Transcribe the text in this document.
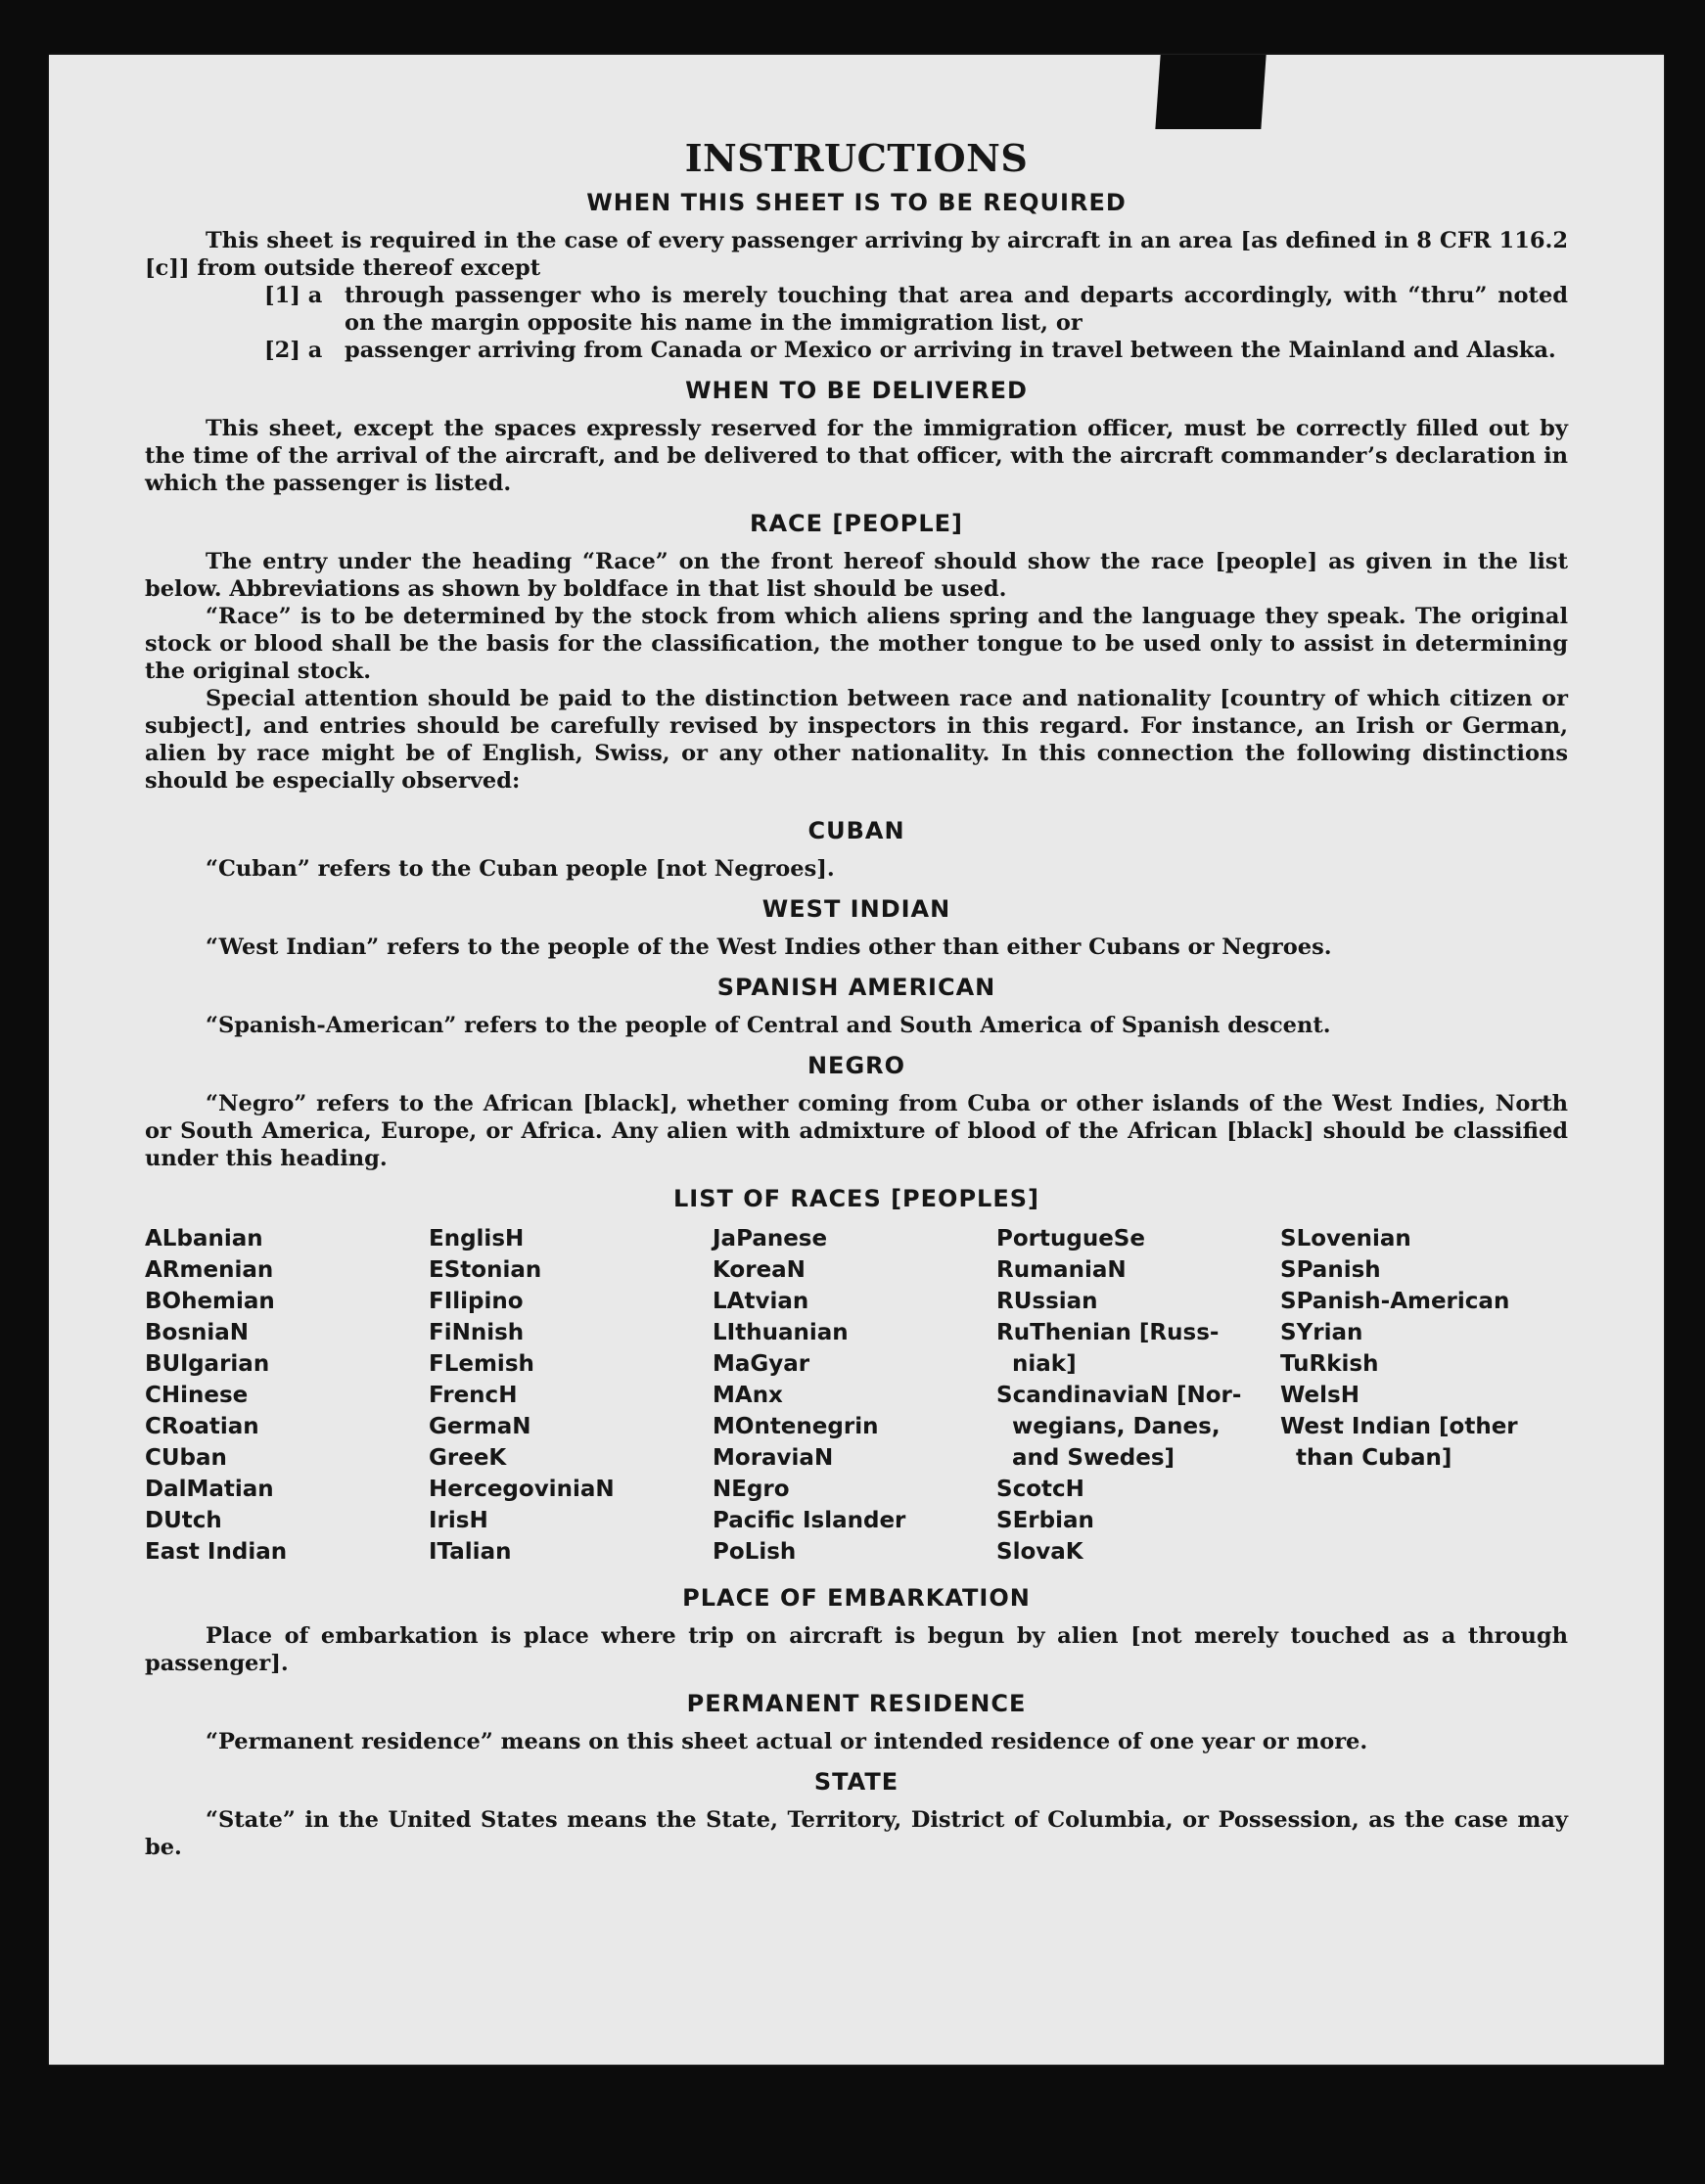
INSTRUCTIONS
WHEN THIS SHEET IS TO BE REQUIRED

This sheet is required in the case of every passenger arriving by aircraft in an area [as defined in 8 CFR 116.2 [c]] from outside thereof except

[1] a	through passenger who is merely touching that area and departs accordingly, with “thru” noted on the margin opposite his name in the immigration list, or
[2] a	passenger arriving from Canada or Mexico or arriving in travel between the Mainland and Alaska.
WHEN TO BE DELIVERED

This sheet, except the spaces expressly reserved for the immigration officer, must be correctly filled out by the time of the arrival of the aircraft, and be delivered to that officer, with the aircraft commander’s declaration in which the passenger is listed.

RACE [PEOPLE]

The entry under the heading “Race” on the front hereof should show the race [people] as given in the list below. Abbreviations as shown by boldface in that list should be used.

“Race” is to be determined by the stock from which aliens spring and the language they speak. The original stock or blood shall be the basis for the classification, the mother tongue to be used only to assist in determining the original stock.

Special attention should be paid to the distinction between race and nationality [country of which citizen or subject], and entries should be carefully revised by inspectors in this regard. For instance, an Irish or German, alien by race might be of English, Swiss, or any other nationality. In this connection the following distinctions should be especially observed:

CUBAN

“Cuban” refers to the Cuban people [not Negroes].

WEST INDIAN

“West Indian” refers to the people of the West Indies other than either Cubans or Negroes.

SPANISH AMERICAN

“Spanish-American” refers to the people of Central and South America of Spanish descent.

NEGRO

“Negro” refers to the African [black], whether coming from Cuba or other islands of the West Indies, North or South America, Europe, or Africa. Any alien with admixture of blood of the African [black] should be classified under this heading.

LIST OF RACES [PEOPLES]
ALbanian
ARmenian
BOhemian
BosniaN
BUlgarian
CHinese
CRoatian
CUban
DalMatian
DUtch
East Indian
EnglisH
EStonian
FIlipino
FiNnish
FLemish
FrencH
GermaN
GreeK
HercegoviniaN
IrisH
ITalian
JaPanese
KoreaN
LAtvian
LIthuanian
MaGyar
MAnx
MOntenegrin
MoraviaN
NEgro
Pacific Islander
PoLish
PortugueSe
RumaniaN
RUssian
RuThenian [Russ-
niak]
ScandinaviaN [Nor-
wegians, Danes,
and Swedes]
ScotcH
SErbian
SlovaK
SLovenian
SPanish
SPanish-American
SYrian
TuRkish
WelsH
West Indian [other
than Cuban]
PLACE OF EMBARKATION

Place of embarkation is place where trip on aircraft is begun by alien [not merely touched as a through passenger].

PERMANENT RESIDENCE

“Permanent residence” means on this sheet actual or intended residence of one year or more.

STATE

“State” in the United States means the State, Territory, District of Columbia, or Possession, as the case may be.
